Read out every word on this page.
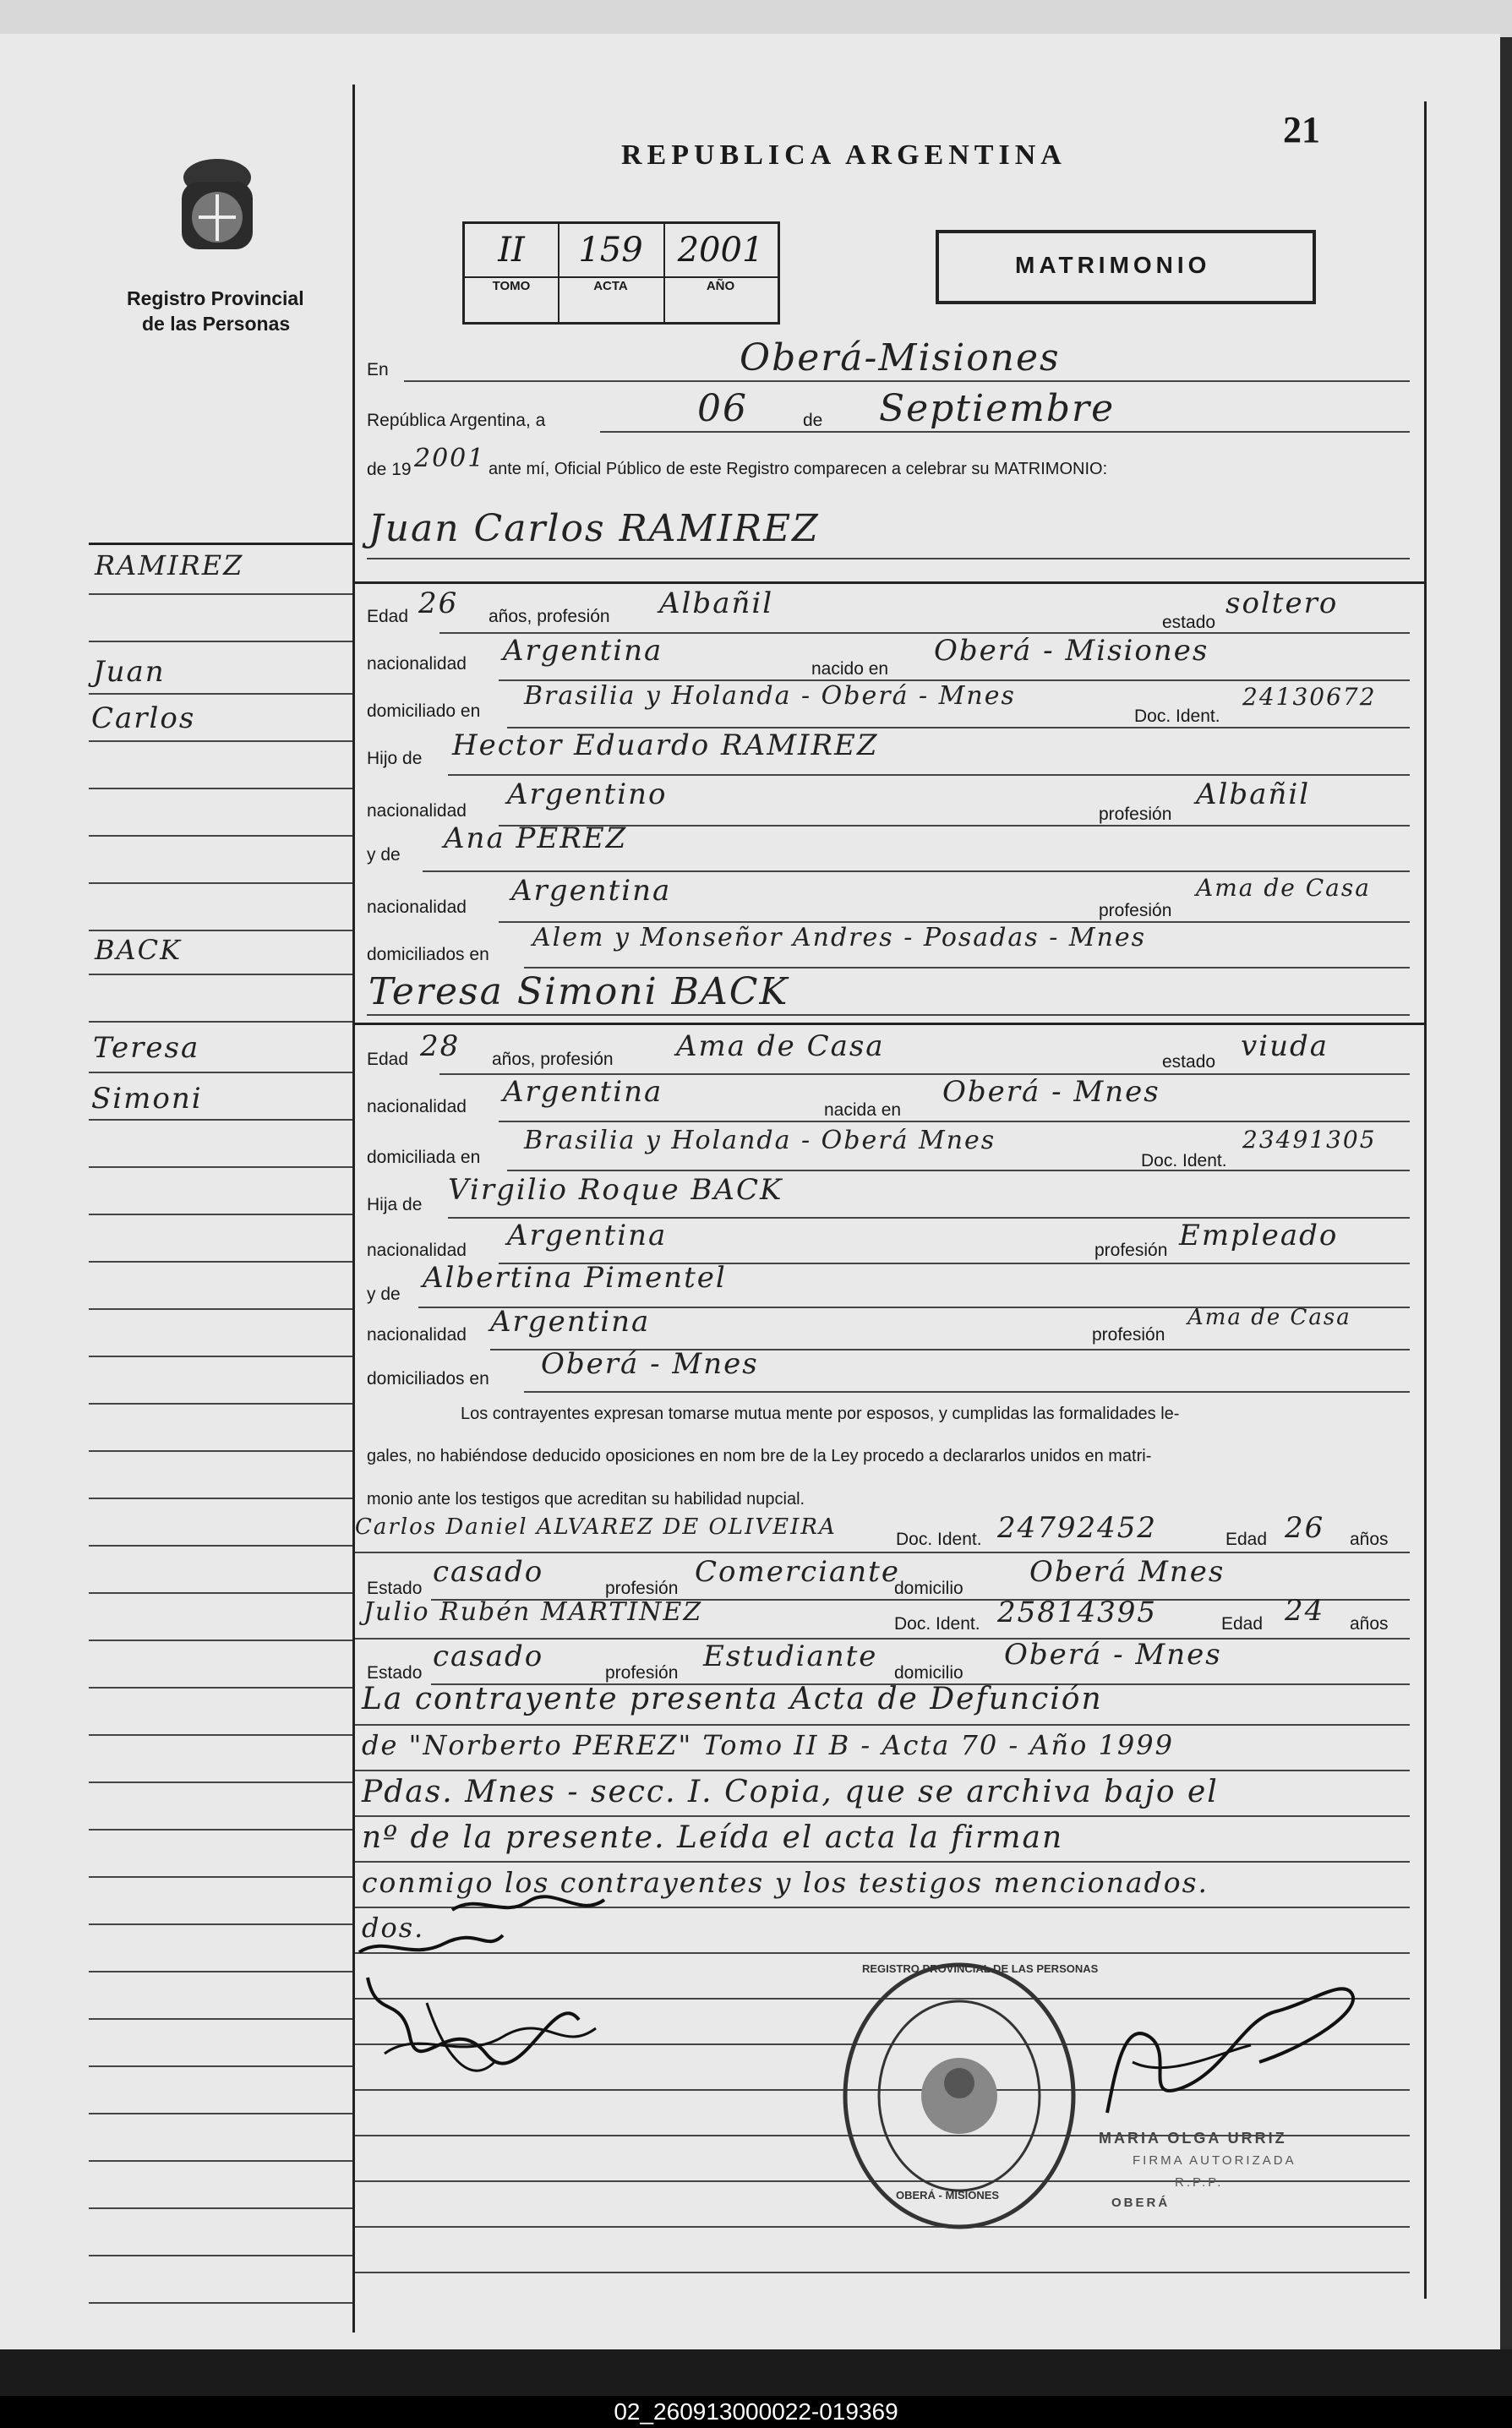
Registro Provincial
de las Personas
REPUBLICA ARGENTINA
21
II
TOMO
159
ACTA
2001
AÑO
MATRIMONIO
En	Oberá-Misiones
República Argentina, a	06	de Septiembre
de 19 2001 ante mí, Oficial Público de este Registro comparecen a celebrar su MATRIMONIO:
Juan Carlos RAMIREZ
Edad 26 años, profesión Albañil
estado
soltero
nacionalidad Argentina
nacido en
Oberá - Misiones
domiciliado en
Brasilia y Holanda - Oberá - Mnes
Doc. Ident.
24130672
Hijo de Hector Eduardo RAMIREZ
nacionalidad Argentino
profesión
Albañil
y de Ana PEREZ
nacionalidad Argentina
profesión
Ama de Casa
domiciliados en
Alem y Monseñor Andres - Posadas - Mnes
Teresa Simoni BACK
Edad 28 años, profesión Ama de Casa	estado viuda
nacionalidad Argentina
nacida en
Oberá - Mnes
domiciliada en
Brasilia y Holanda - Oberá Mnes
Doc. Ident.
23491305
Hija de Virgilio Roque BACK
nacionalidad Argentina	profesión Empleado
y de Albertina Pimentel
nacionalidad Argentina	profesión
Ama de Casa
domiciliados en Oberá - Mnes
Los contrayentes expresan tomarse mutua mente por esposos, y cumplidas las formalidades le-
gales, no habiéndose deducido oposiciones en nom bre de la Ley procedo a declararlos unidos en matri-
monio ante los testigos que acreditan su habilidad nupcial.
Carlos Daniel ALVAREZ DE OLIVEIRA	Doc. Ident. 24792452	Edad 26 años
Estado casado	profesión Comerciante
domicilio Oberá Mnes
Julio Rubén MARTINEZ	Doc. Ident. 25814395	Edad 24 años
Estado casado	profesión Estudiante domicilio
Oberá - Mnes
La contrayente presenta Acta de Defunción
de "Norberto PEREZ" Tomo II B - Acta 70 - Año 1999
Pdas. Mnes - secc. I. Copia, que se archiva bajo el
nº de la presente. Leída el acta la firman
conmigo los contrayentes y los testigos mencionados.
dos.
REGISTRO PROVINCIAL DE LAS PERSONAS
OBERÁ - MISIONES
MARIA OLGA URRIZ
FIRMA AUTORIZADA
R.P.P.
OBERÁ
RAMIREZ
Juan
Carlos
BACK
Teresa
Simoni
02_260913000022-019369
